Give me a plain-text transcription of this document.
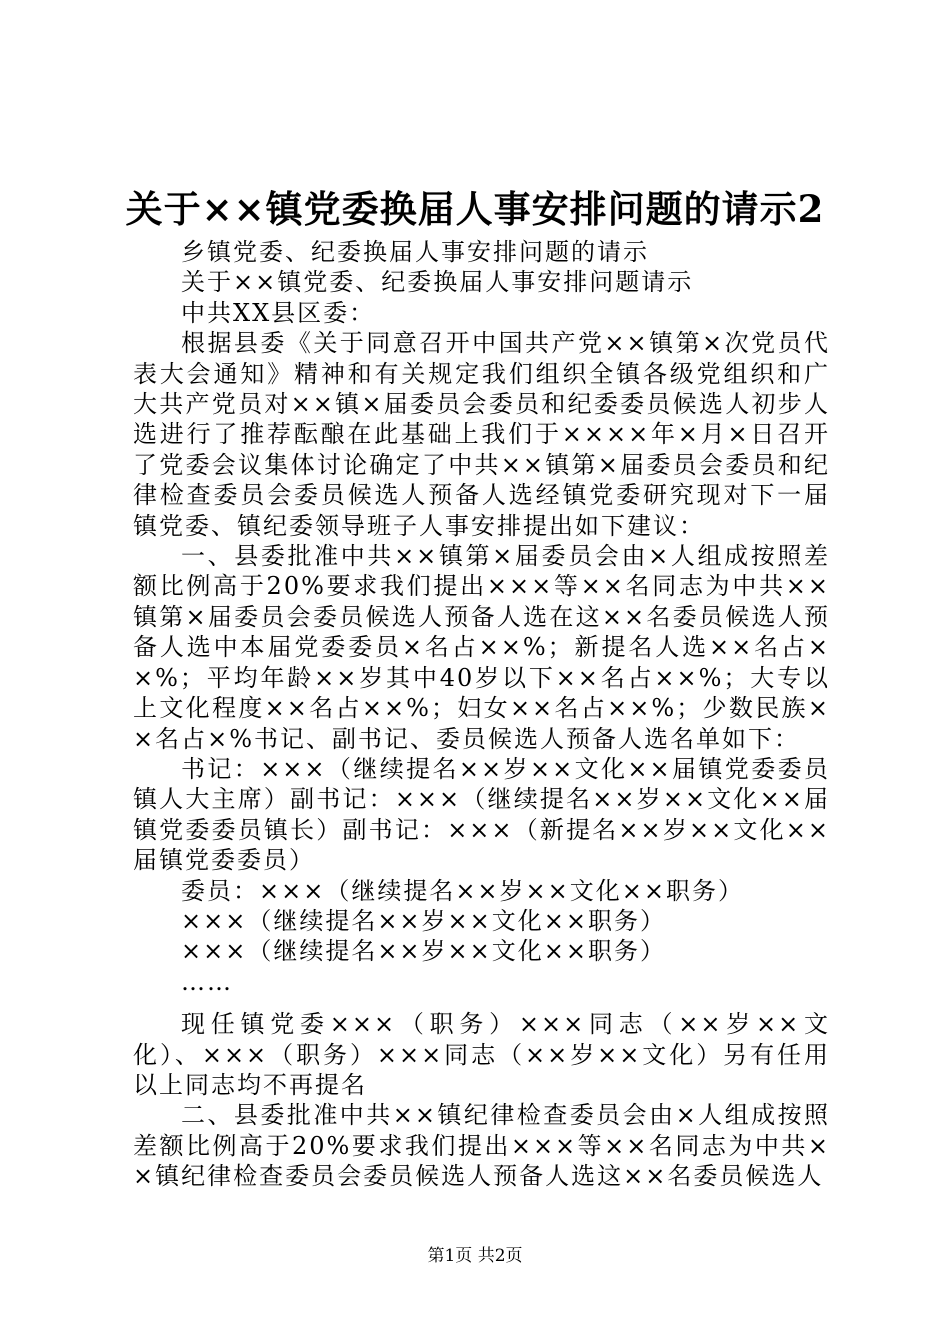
关于××镇党委换届人事安排问题的请示2

乡镇党委、纪委换届人事安排问题的请示

关于××镇党委、纪委换届人事安排问题请示

中共XX县区委：

根据县委《关于同意召开中国共产党××镇第×次党员代表大会通知》精神和有关规定我们组织全镇各级党组织和广大共产党员对××镇×届委员会委员和纪委委员候选人初步人选进行了推荐酝酿在此基础上我们于××××年×月×日召开了党委会议集体讨论确定了中共××镇第×届委员会委员和纪律检查委员会委员候选人预备人选经镇党委研究现对下一届镇党委、镇纪委领导班子人事安排提出如下建议：

一、县委批准中共××镇第×届委员会由×人组成按照差额比例高于20%要求我们提出×××等××名同志为中共××镇第×届委员会委员候选人预备人选在这××名委员候选人预备人选中本届党委委员×名占××%；新提名人选××名占××%；平均年龄××岁其中40岁以下××名占××%；大专以上文化程度××名占××%；妇女××名占××%；少数民族××名占×%书记、副书记、委员候选人预备人选名单如下：

书记：×××（继续提名××岁××文化××届镇党委委员镇人大主席）副书记：×××（继续提名××岁××文化××届镇党委委员镇长）副书记：×××（新提名××岁××文化××届镇党委委员）

委员：×××（继续提名××岁××文化××职务）

×××（继续提名××岁××文化××职务）

×××（继续提名××岁××文化××职务）

……

现任镇党委×××（职务）×××同志（××岁××文化）、×××（职务）×××同志（××岁××文化）另有任用以上同志均不再提名

二、县委批准中共××镇纪律检查委员会由×人组成按照差额比例高于20%要求我们提出×××等××名同志为中共××镇纪律检查委员会委员候选人预备人选这××名委员候选人

第1页 共2页
